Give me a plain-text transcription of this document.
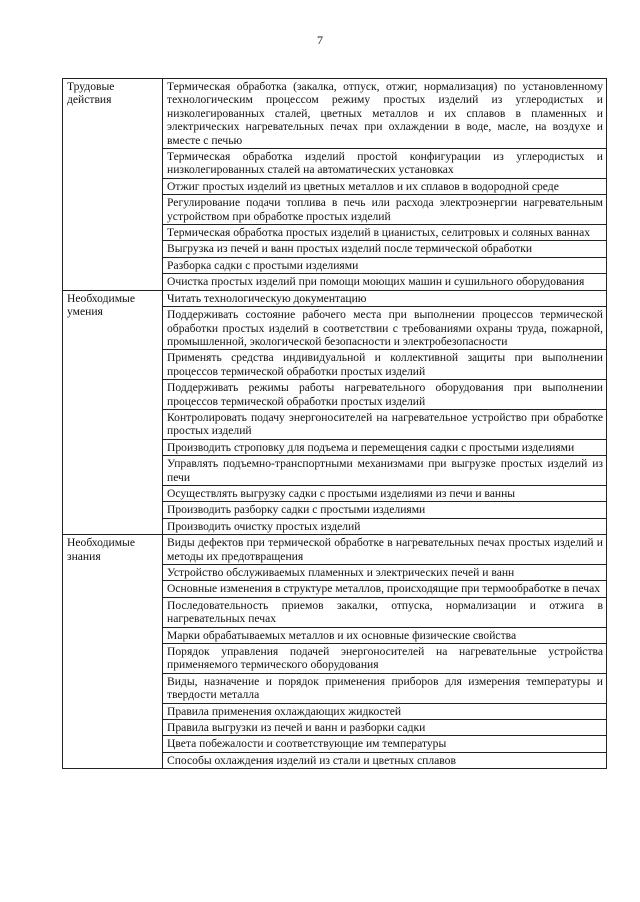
7
Трудовые действия	Термическая обработка (закалка, отпуск, отжиг, нормализация) по установленному технологическим процессом режиму простых изделий из углеродистых и низколегированных сталей, цветных металлов и их сплавов в пламенных и электрических нагревательных печах при охлаждении в воде, масле, на воздухе и вместе с печью
	Термическая обработка изделий простой конфигурации из углеродистых и низколегированных сталей на автоматических установках
	Отжиг простых изделий из цветных металлов и их сплавов в водородной среде
	Регулирование подачи топлива в печь или расхода электроэнергии нагревательным устройством при обработке простых изделий
	Термическая обработка простых изделий в цианистых, селитровых и соляных ваннах
	Выгрузка из печей и ванн простых изделий после термической обработки
	Разборка садки с простыми изделиями
	Очистка простых изделий при помощи моющих машин и сушильного оборудования
Необходимые умения	Читать технологическую документацию
	Поддерживать состояние рабочего места при выполнении процессов термической обработки простых изделий в соответствии с требованиями охраны труда, пожарной, промышленной, экологической безопасности и электробезопасности
	Применять средства индивидуальной и коллективной защиты при выполнении процессов термической обработки простых изделий
	Поддерживать режимы работы нагревательного оборудования при выполнении процессов термической обработки простых изделий
	Контролировать подачу энергоносителей на нагревательное устройство при обработке простых изделий
	Производить строповку для подъема и перемещения садки с простыми изделиями
	Управлять подъемно-транспортными механизмами при выгрузке простых изделий из печи
	Осуществлять выгрузку садки с простыми изделиями из печи и ванны
	Производить разборку садки с простыми изделиями
	Производить очистку простых изделий
Необходимые знания	Виды дефектов при термической обработке в нагревательных печах простых изделий и методы их предотвращения
	Устройство обслуживаемых пламенных и электрических печей и ванн
	Основные изменения в структуре металлов, происходящие при термообработке в печах
	Последовательность приемов закалки, отпуска, нормализации и отжига в нагревательных печах
	Марки обрабатываемых металлов и их основные физические свойства
	Порядок управления подачей энергоносителей на нагревательные устройства применяемого термического оборудования
	Виды, назначение и порядок применения приборов для измерения температуры и твердости металла
	Правила применения охлаждающих жидкостей
	Правила выгрузки из печей и ванн и разборки садки
	Цвета побежалости и соответствующие им температуры
	Способы охлаждения изделий из стали и цветных сплавов
